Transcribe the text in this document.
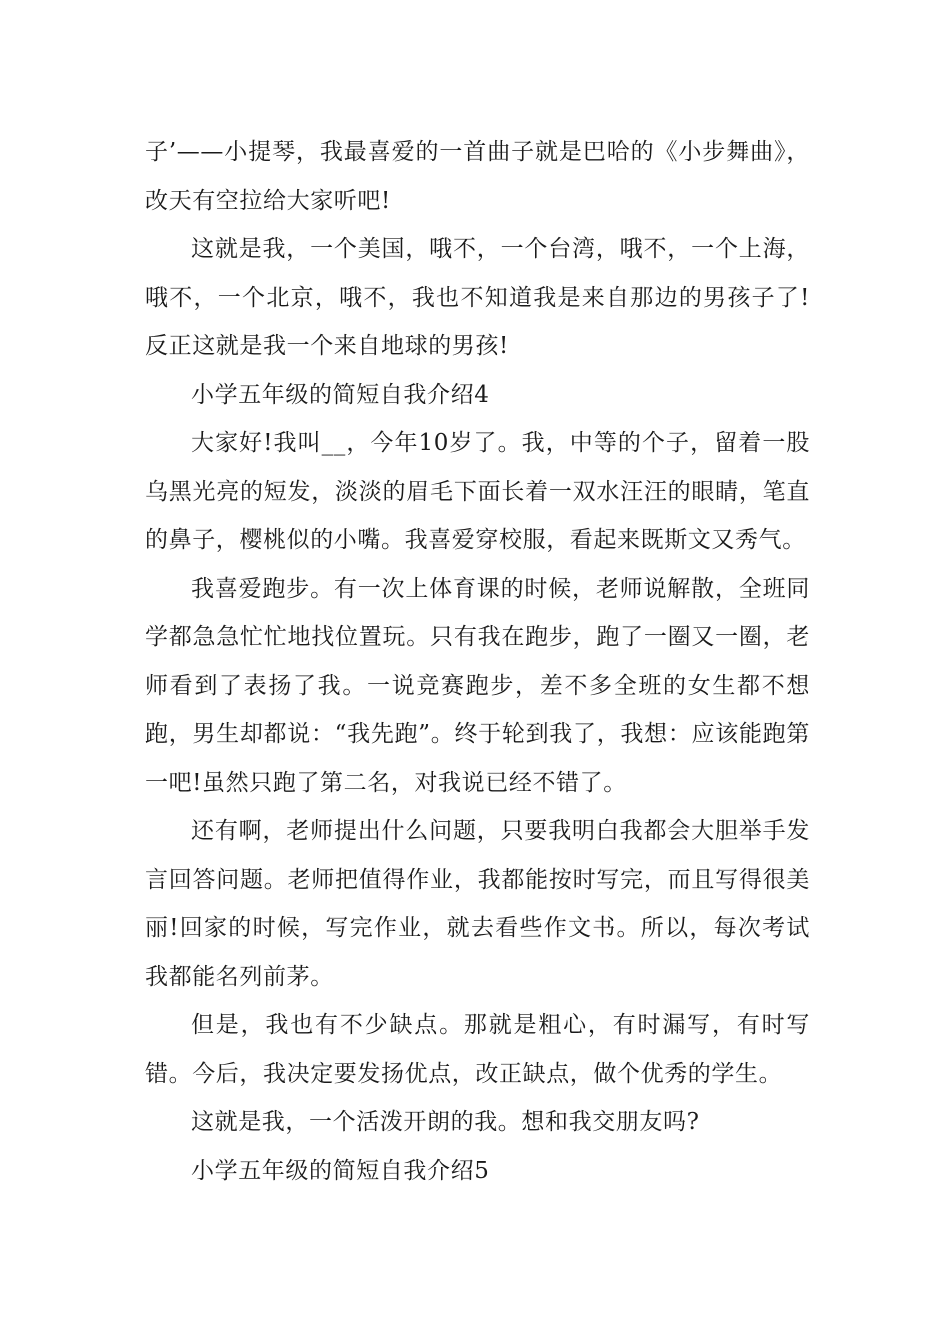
子’——小提琴，我最喜爱的一首曲子就是巴哈的《小步舞曲》，改天有空拉给大家听吧!

这就是我，一个美国，哦不，一个台湾，哦不，一个上海，哦不，一个北京，哦不，我也不知道我是来自那边的男孩子了!反正这就是我一个来自地球的男孩!

小学五年级的简短自我介绍4

大家好!我叫__，今年10岁了。我，中等的个子，留着一股乌黑光亮的短发，淡淡的眉毛下面长着一双水汪汪的眼睛，笔直的鼻子，樱桃似的小嘴。我喜爱穿校服，看起来既斯文又秀气。

我喜爱跑步。有一次上体育课的时候，老师说解散，全班同学都急急忙忙地找位置玩。只有我在跑步，跑了一圈又一圈，老师看到了表扬了我。一说竞赛跑步，差不多全班的女生都不想跑，男生却都说：“我先跑”。终于轮到我了，我想：应该能跑第一吧!虽然只跑了第二名，对我说已经不错了。

还有啊，老师提出什么问题，只要我明白我都会大胆举手发言回答问题。老师把值得作业，我都能按时写完，而且写得很美丽!回家的时候，写完作业，就去看些作文书。所以，每次考试我都能名列前茅。

但是，我也有不少缺点。那就是粗心，有时漏写，有时写错。今后，我决定要发扬优点，改正缺点，做个优秀的学生。

这就是我，一个活泼开朗的我。想和我交朋友吗?

小学五年级的简短自我介绍5
